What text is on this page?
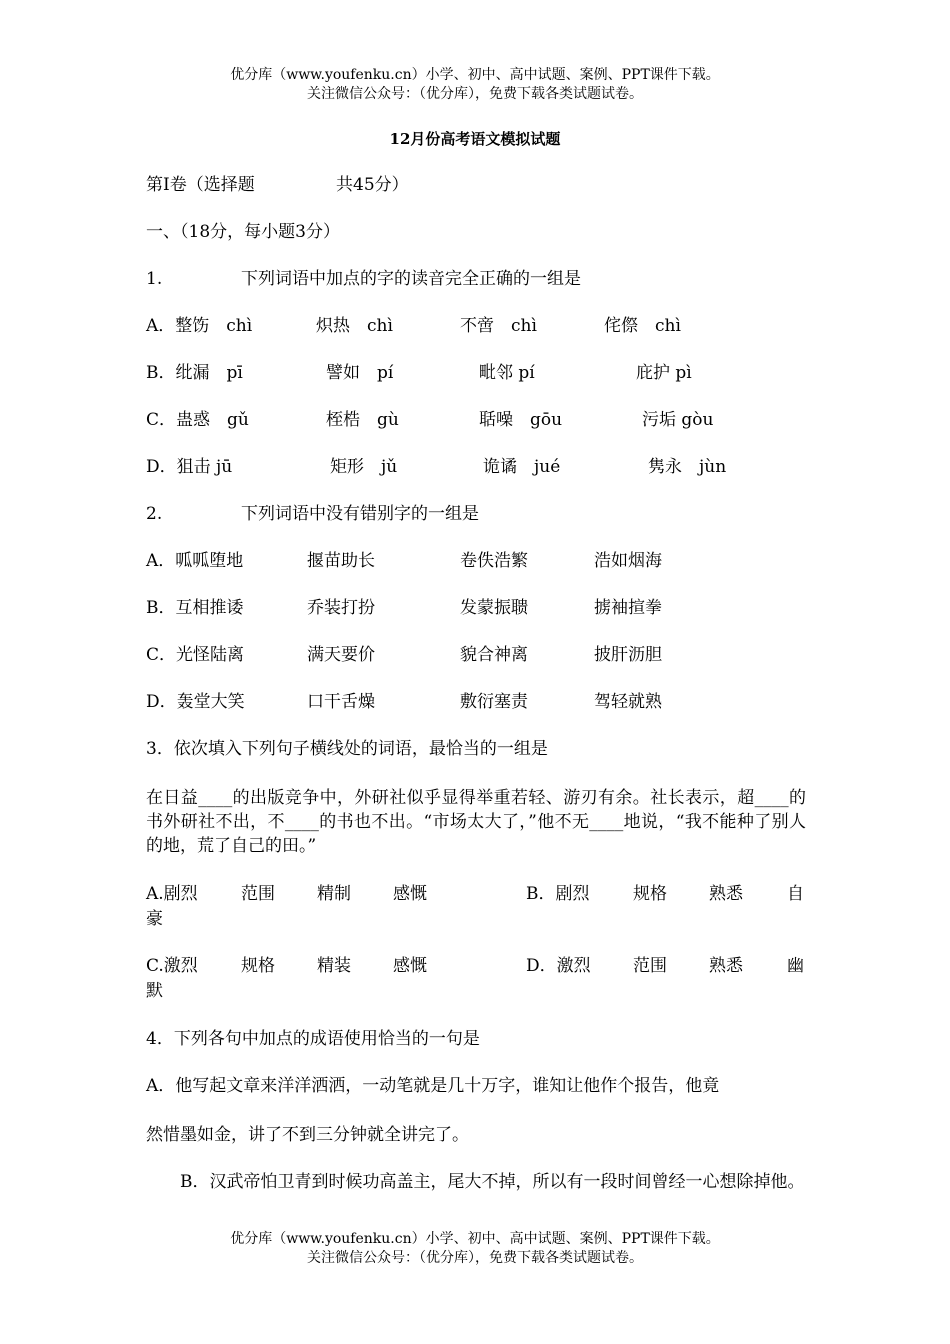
优分库（www.youfenku.cn）小学、初中、高中试题、案例、PPT课件下载。
关注微信公众号：（优分库），免费下载各类试题试卷。
12月份高考语文模拟试题
第Ⅰ卷（选择题	共45分）
一、（18分，每小题3分）
1.	下列词语中加点的字的读音完全正确的一组是
A．整饬　chì	炽热　chì	不啻　chì	侘傺　chì
B．纰漏　pī	譬如　pí	毗邻 pí	庇护 pì
C．蛊惑　gǔ	桎梏　gù	聒噪　gōu	污垢 gòu
D．狙击 jū	矩形　jǔ	诡谲　jué	隽永　jùn
2.	下列词语中没有错别字的一组是
A．呱呱堕地	揠苗助长	卷佚浩繁	浩如烟海
B．互相推诿	乔装打扮	发蒙振聩	掳袖揎拳
C．光怪陆离	满天要价	貌合神离	披肝沥胆
D．轰堂大笑	口干舌燥	敷衍塞责	驾轻就熟
3．依次填入下列句子横线处的词语，最恰当的一组是
在日益____的出版竞争中，外研社似乎显得举重若轻、游刃有余。社长表示，超____的书外研社不出，不____的书也不出。“市场太大了，”他不无____地说，“我不能种了别人的地，荒了自己的田。”
A.剧烈	范围 精制 感慨	B．剧烈	规格 熟悉	自
豪
C.激烈	规格 精装 感慨	D．激烈 范围 熟悉	幽
默
4．下列各句中加点的成语使用恰当的一句是
A．他写起文章来洋洋洒洒，一动笔就是几十万字，谁知让他作个报告，他竟
然惜墨如金，讲了不到三分钟就全讲完了。
B．汉武帝怕卫青到时候功高盖主，尾大不掉，所以有一段时间曾经一心想除掉他。
优分库（www.youfenku.cn）小学、初中、高中试题、案例、PPT课件下载。
关注微信公众号：（优分库），免费下载各类试题试卷。
